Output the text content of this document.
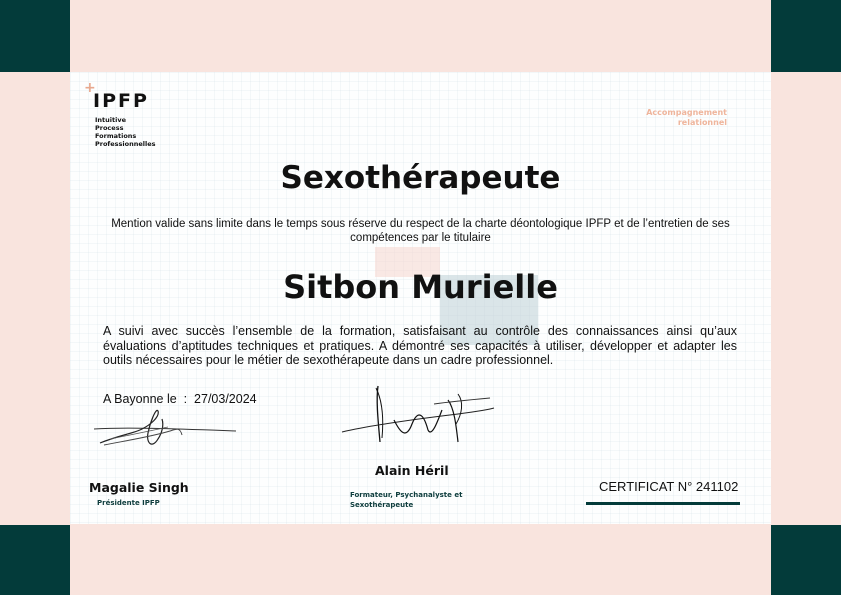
+
IPFP
Intuitive
Process
Formations
Professionnelles
Accompagnement
relationnel
Sexothérapeute
Mention valide sans limite dans le temps sous réserve du respect de la charte déontologique IPFP et de l’entretien de ses compétences par le titulaire
Sitbon Murielle
A suivi avec succès l’ensemble de la formation, satisfaisant au contrôle des connaissances ainsi qu’aux évaluations d’aptitudes techniques et pratiques. A démontré ses capacités à utiliser, développer et adapter les outils nécessaires pour le métier de sexothérapeute dans un cadre professionnel.
A Bayonne le  :  27/03/2024
Magalie Singh
Présidente IPFP
Alain Héril
Formateur, Psychanalyste et Sexothérapeute
CERTIFICAT N° 241102
